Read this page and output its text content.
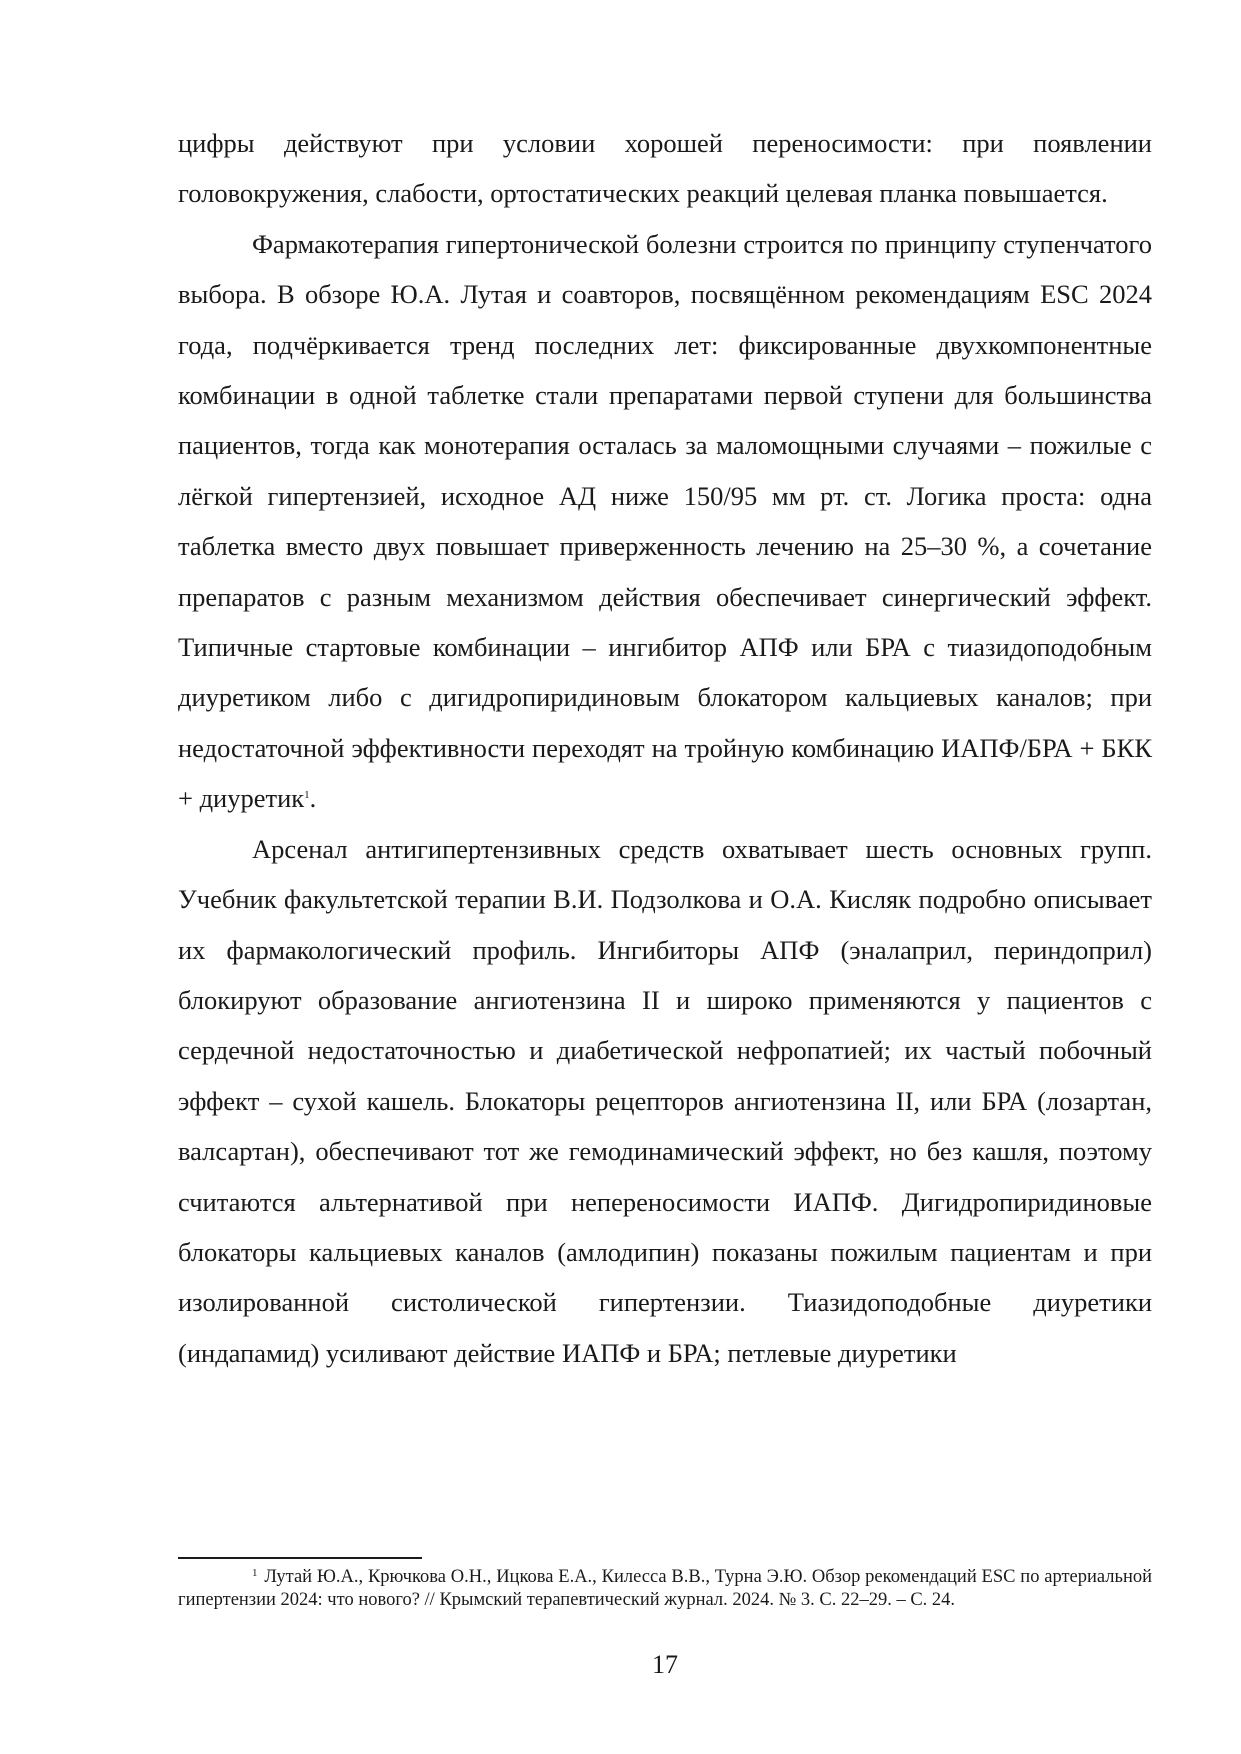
цифры действуют при условии хорошей переносимости: при появлении головокружения, слабости, ортостатических реакций целевая планка повышается.

Фармакотерапия гипертонической болезни строится по принципу ступенчатого выбора. В обзоре Ю.А. Лутая и соавторов, посвящённом рекомендациям ESC 2024 года, подчёркивается тренд последних лет: фиксированные двухкомпонентные комбинации в одной таблетке стали препаратами первой ступени для большинства пациентов, тогда как монотерапия осталась за маломощными случаями – пожилые с лёгкой гипертензией, исходное АД ниже 150/95 мм рт. ст. Логика проста: одна таблетка вместо двух повышает приверженность лечению на 25–30 %, а сочетание препаратов с разным механизмом действия обеспечивает синергический эффект. Типичные стартовые комбинации – ингибитор АПФ или БРА с тиазидоподобным диуретиком либо с дигидропиридиновым блокатором кальциевых каналов; при недостаточной эффективности переходят на тройную комбинацию ИАПФ/БРА + БКК + диуретик$^1$.

Арсенал антигипертензивных средств охватывает шесть основных групп. Учебник факультетской терапии В.И. Подзолкова и О.А. Кисляк подробно описывает их фармакологический профиль. Ингибиторы АПФ (эналаприл, периндоприл) блокируют образование ангиотензина II и широко применяются у пациентов с сердечной недостаточностью и диабетической нефропатией; их частый побочный эффект – сухой кашель. Блокаторы рецепторов ангиотензина II, или БРА (лозартан, валсартан), обеспечивают тот же гемодинамический эффект, но без кашля, поэтому считаются альтернативой при непереносимости ИАПФ. Дигидропиридиновые блокаторы кальциевых каналов (амлодипин) показаны пожилым пациентам и при изолированной систолической гипертензии. Тиазидоподобные диуретики (индапамид) усиливают действие ИАПФ и БРА; петлевые диуретики

$^1$ Лутай Ю.А., Крючкова О.Н., Ицкова Е.А., Килесса В.В., Турна Э.Ю. Обзор рекомендаций ESC по артериальной гипертензии 2024: что нового? // Крымский терапевтический журнал. 2024. № 3. С. 22–29. – С. 24.

17
